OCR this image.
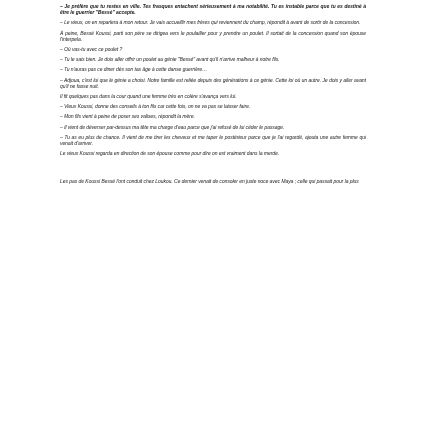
– Je préfère que tu restes en ville. Tes frasques entachent sérieusement à ma notabilité. Tu es instable parce que tu es destiné à être le guerrier "Bessé" accepte.

– Le vieux, on en reparlera à mon retour. Je vais accueillir mes frères qui reviennent du champ, répondit à avant de sortir de la concession.

À peine, Bessé Koussi, parti son père se dirigea vers le poulailler pour y prendre un poulet. Il sortait de la concession quand son épouse l'interpela.

– Où vas-tu avec ce poulet ?

– Tu le sais bien. Je dois aller offrir un poulet au génie "Bessé" avant qu'il n'arrive malheur à notre fils.

– Tu n'auras pas ce diner dès son tas âge à cette danse guerrière…

– Adjoua, c'est lui que le génie a choisi. Notre famille est reliée depuis des générations à ce génie. Cette loi où un autre. Je dois y aller avant qu'il ne fasse nuit.

Il fit quelques pas dans la cour quand une femme très en colère s'avança vers lui.

– Vieux Koussi, donne des conseils à ton fils car cette fois, on ne va pas se laisser faire.

– Mon fils vient à peine de poser ses valises, répondit la mère.

– Il vient de déverser par-dessus ma tête ma charge d'eau parce que j'ai refusé de lui céder le passage.

– Tu as eu plus de chance. Il vient de me tirer les cheveux et me taper le postérieur parce que je l'ai regardé, ajouta une autre femme qui venait d'arriver.

Le vieux Koussi regarda en direction de son épouse comme pour dire on est vraiment dans la merde.

Les pas de Koussi Bessé l'ont conduit chez Loukou. Ce dernier venait de consoler en juste noce avec Maya ; celle qui passait pour la plus
